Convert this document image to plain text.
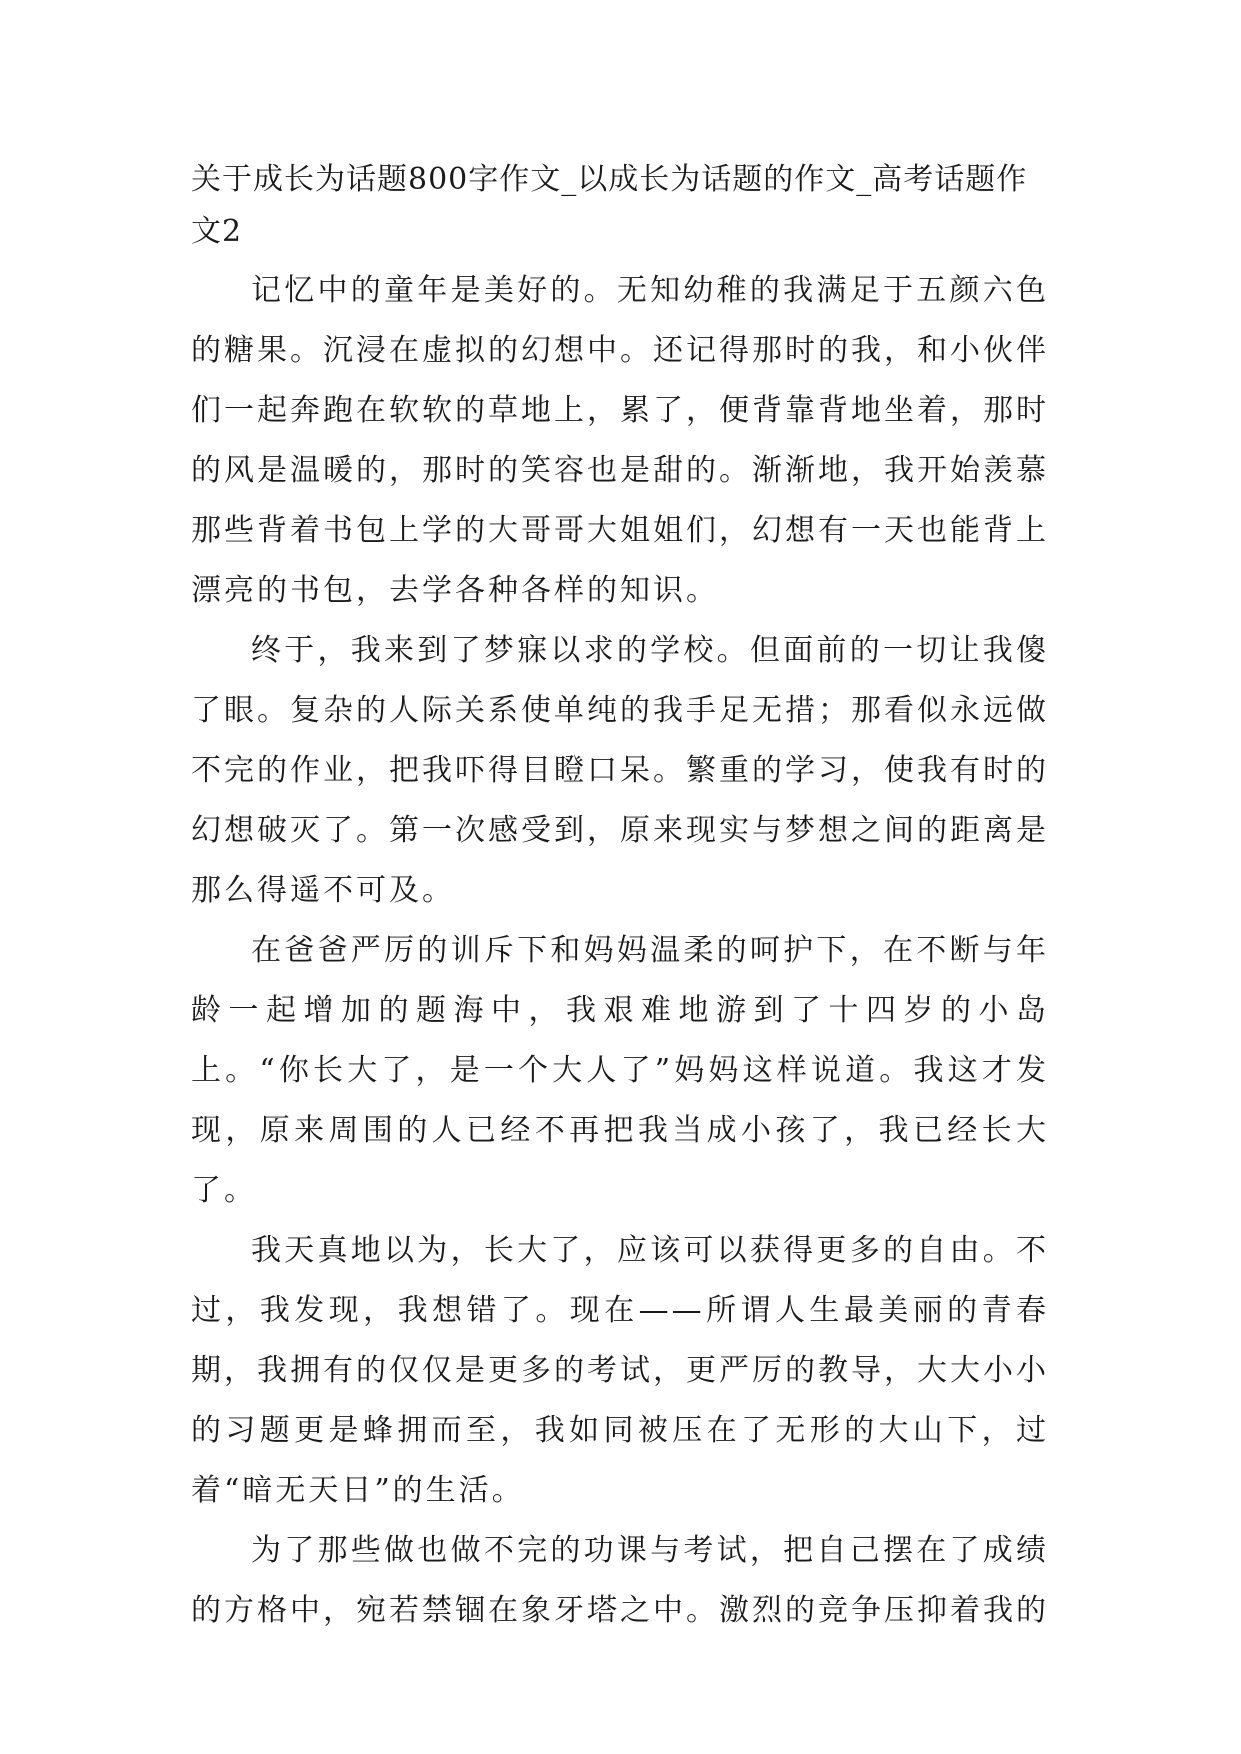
关于成长为话题800字作文_以成长为话题的作文_高考话题作文2

记忆中的童年是美好的。无知幼稚的我满足于五颜六色的糖果。沉浸在虚拟的幻想中。还记得那时的我，和小伙伴们一起奔跑在软软的草地上，累了，便背靠背地坐着，那时的风是温暖的，那时的笑容也是甜的。渐渐地，我开始羡慕那些背着书包上学的大哥哥大姐姐们，幻想有一天也能背上漂亮的书包，去学各种各样的知识。

终于，我来到了梦寐以求的学校。但面前的一切让我傻了眼。复杂的人际关系使单纯的我手足无措；那看似永远做不完的作业，把我吓得目瞪口呆。繁重的学习，使我有时的幻想破灭了。第一次感受到，原来现实与梦想之间的距离是那么得遥不可及。

在爸爸严厉的训斥下和妈妈温柔的呵护下，在不断与年龄一起增加的题海中，我艰难地游到了十四岁的小岛上。“你长大了，是一个大人了”妈妈这样说道。我这才发现，原来周围的人已经不再把我当成小孩了，我已经长大了。

我天真地以为，长大了，应该可以获得更多的自由。不过，我发现，我想错了。现在——所谓人生最美丽的青春期，我拥有的仅仅是更多的考试，更严厉的教导，大大小小的习题更是蜂拥而至，我如同被压在了无形的大山下，过着“暗无天日”的生活。

为了那些做也做不完的功课与考试，把自己摆在了成绩的方格中，宛若禁锢在象牙塔之中。激烈的竞争压抑着我的
